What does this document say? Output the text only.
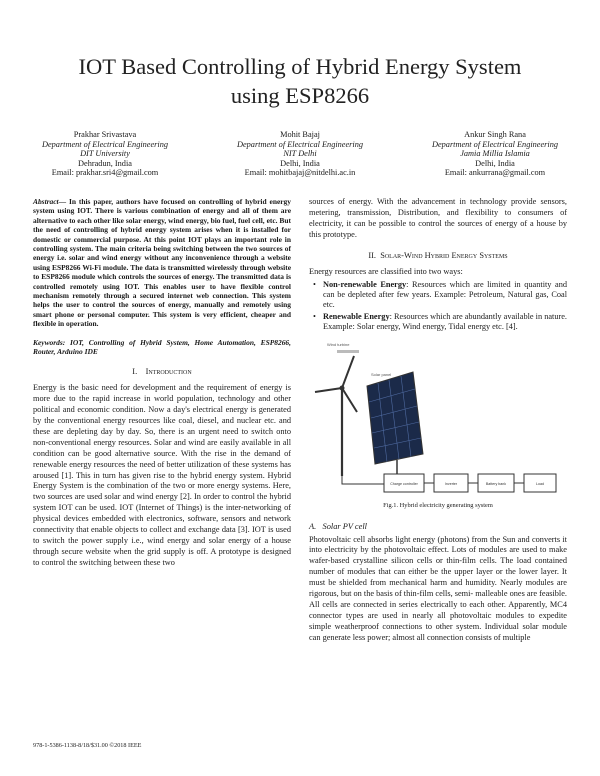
IOT Based Controlling of Hybrid Energy System
using ESP8266
Prakhar Srivastava
Department of Electrical Engineering
DIT University
Dehradun, India
Email: prakhar.sri4@gmail.com
Mohit Bajaj
Department of Electrical Engineering
NIT Delhi
Delhi, India
Email: mohitbajaj@nitdelhi.ac.in
Ankur Singh Rana
Department of Electrical Engineering
Jamia Millia Islamia
Delhi, India
Email: ankurrana@gmail.com

Abstract— In this paper, authors have focused on controlling of hybrid energy system using IOT. There is various combination of energy and all of them are alternative to each other like solar energy, wind energy, bio fuel, fuel cell, etc. But the need of controlling of hybrid energy system arises when it is installed for domestic or commercial purpose. At this point IOT plays an important role in controlling system. The main criteria being switching between the two sources of energy i.e. solar and wind energy without any inconvenience through a website using ESP8266 Wi-Fi module. The data is transmitted wirelessly through website to ESP8266 module which controls the sources of energy. The transmitted data is controlled remotely using IOT. This enables user to have flexible control mechanism remotely through a secured internet web connection. This system helps the user to control the sources of energy, manually and remotely using smart phone or personal computer. This system is very efficient, cheaper and flexible in operation.

Keywords: IOT, Controlling of Hybrid System, Home Automation, ESP8266, Router, Arduino IDE

I. Introduction

Energy is the basic need for development and the requirement of energy is more due to the rapid increase in world population, technology and other political and economic condition. Now a day's electrical energy is generated by the conventional energy resources like coal, diesel, and nuclear etc. and these are depleting day by day. So, there is an urgent need to switch onto non-conventional energy resources. Solar and wind are easily available in all condition can be good alternative source. With the rise in the demand of renewable energy resources the need of better utilization of these systems has aroused [1]. This in turn has given rise to the hybrid energy system. Hybrid Energy System is the combination of the two or more energy systems. Here, two sources are used solar and wind energy [2]. In order to control the hybrid system IOT can be used. IOT (Internet of Things) is the inter-networking of physical devices embedded with electronics, software, sensors and network connectivity that enable objects to collect and exchange data [3]. IOT is used to switch the power supply i.e., wind energy and solar energy of a house through secure website when the grid supply is off. A prototype is designed to control the switching between these two

sources of energy. With the advancement in technology provide sensors, metering, transmission, Distribution, and flexibility to consumers of electricity, it can be possible to control the sources of energy of a house by this prototype.

II. Solar-Wind Hybrid Energy Systems

Energy resources are classified into two ways:

• Non-renewable Energy: Resources which are limited in quantity and can be depleted after few years. Example: Petroleum, Natural gas, Coal etc.
• Renewable Energy: Resources which are abundantly available in nature. Example: Solar energy, Wind energy, Tidal energy etc. [4].
Wind turbine
Solar panel
Charge controller	Inverter	Battery bank	Load

Fig.1. Hybrid electricity generating system

A. Solar PV cell

Photovoltaic cell absorbs light energy (photons) from the Sun and converts it into electricity by the photovoltaic effect. Lots of modules are used to make wafer-based crystalline silicon cells or thin-film cells. The load contained number of modules that can either be the upper layer or the lower layer. It must be shielded from mechanical harm and humidity. Nearly modules are rigorous, but on the basis of thin-film cells, semi- malleable ones are feasible. All cells are connected in series electrically to each other. Apparently, MC4 connector types are used in nearly all photovoltaic modules to expedite simple weatherproof connections to other system. Individual solar module can generate less power; almost all connection consists of multiple

978-1-5386-1138-8/18/$31.00 ©2018 IEEE
